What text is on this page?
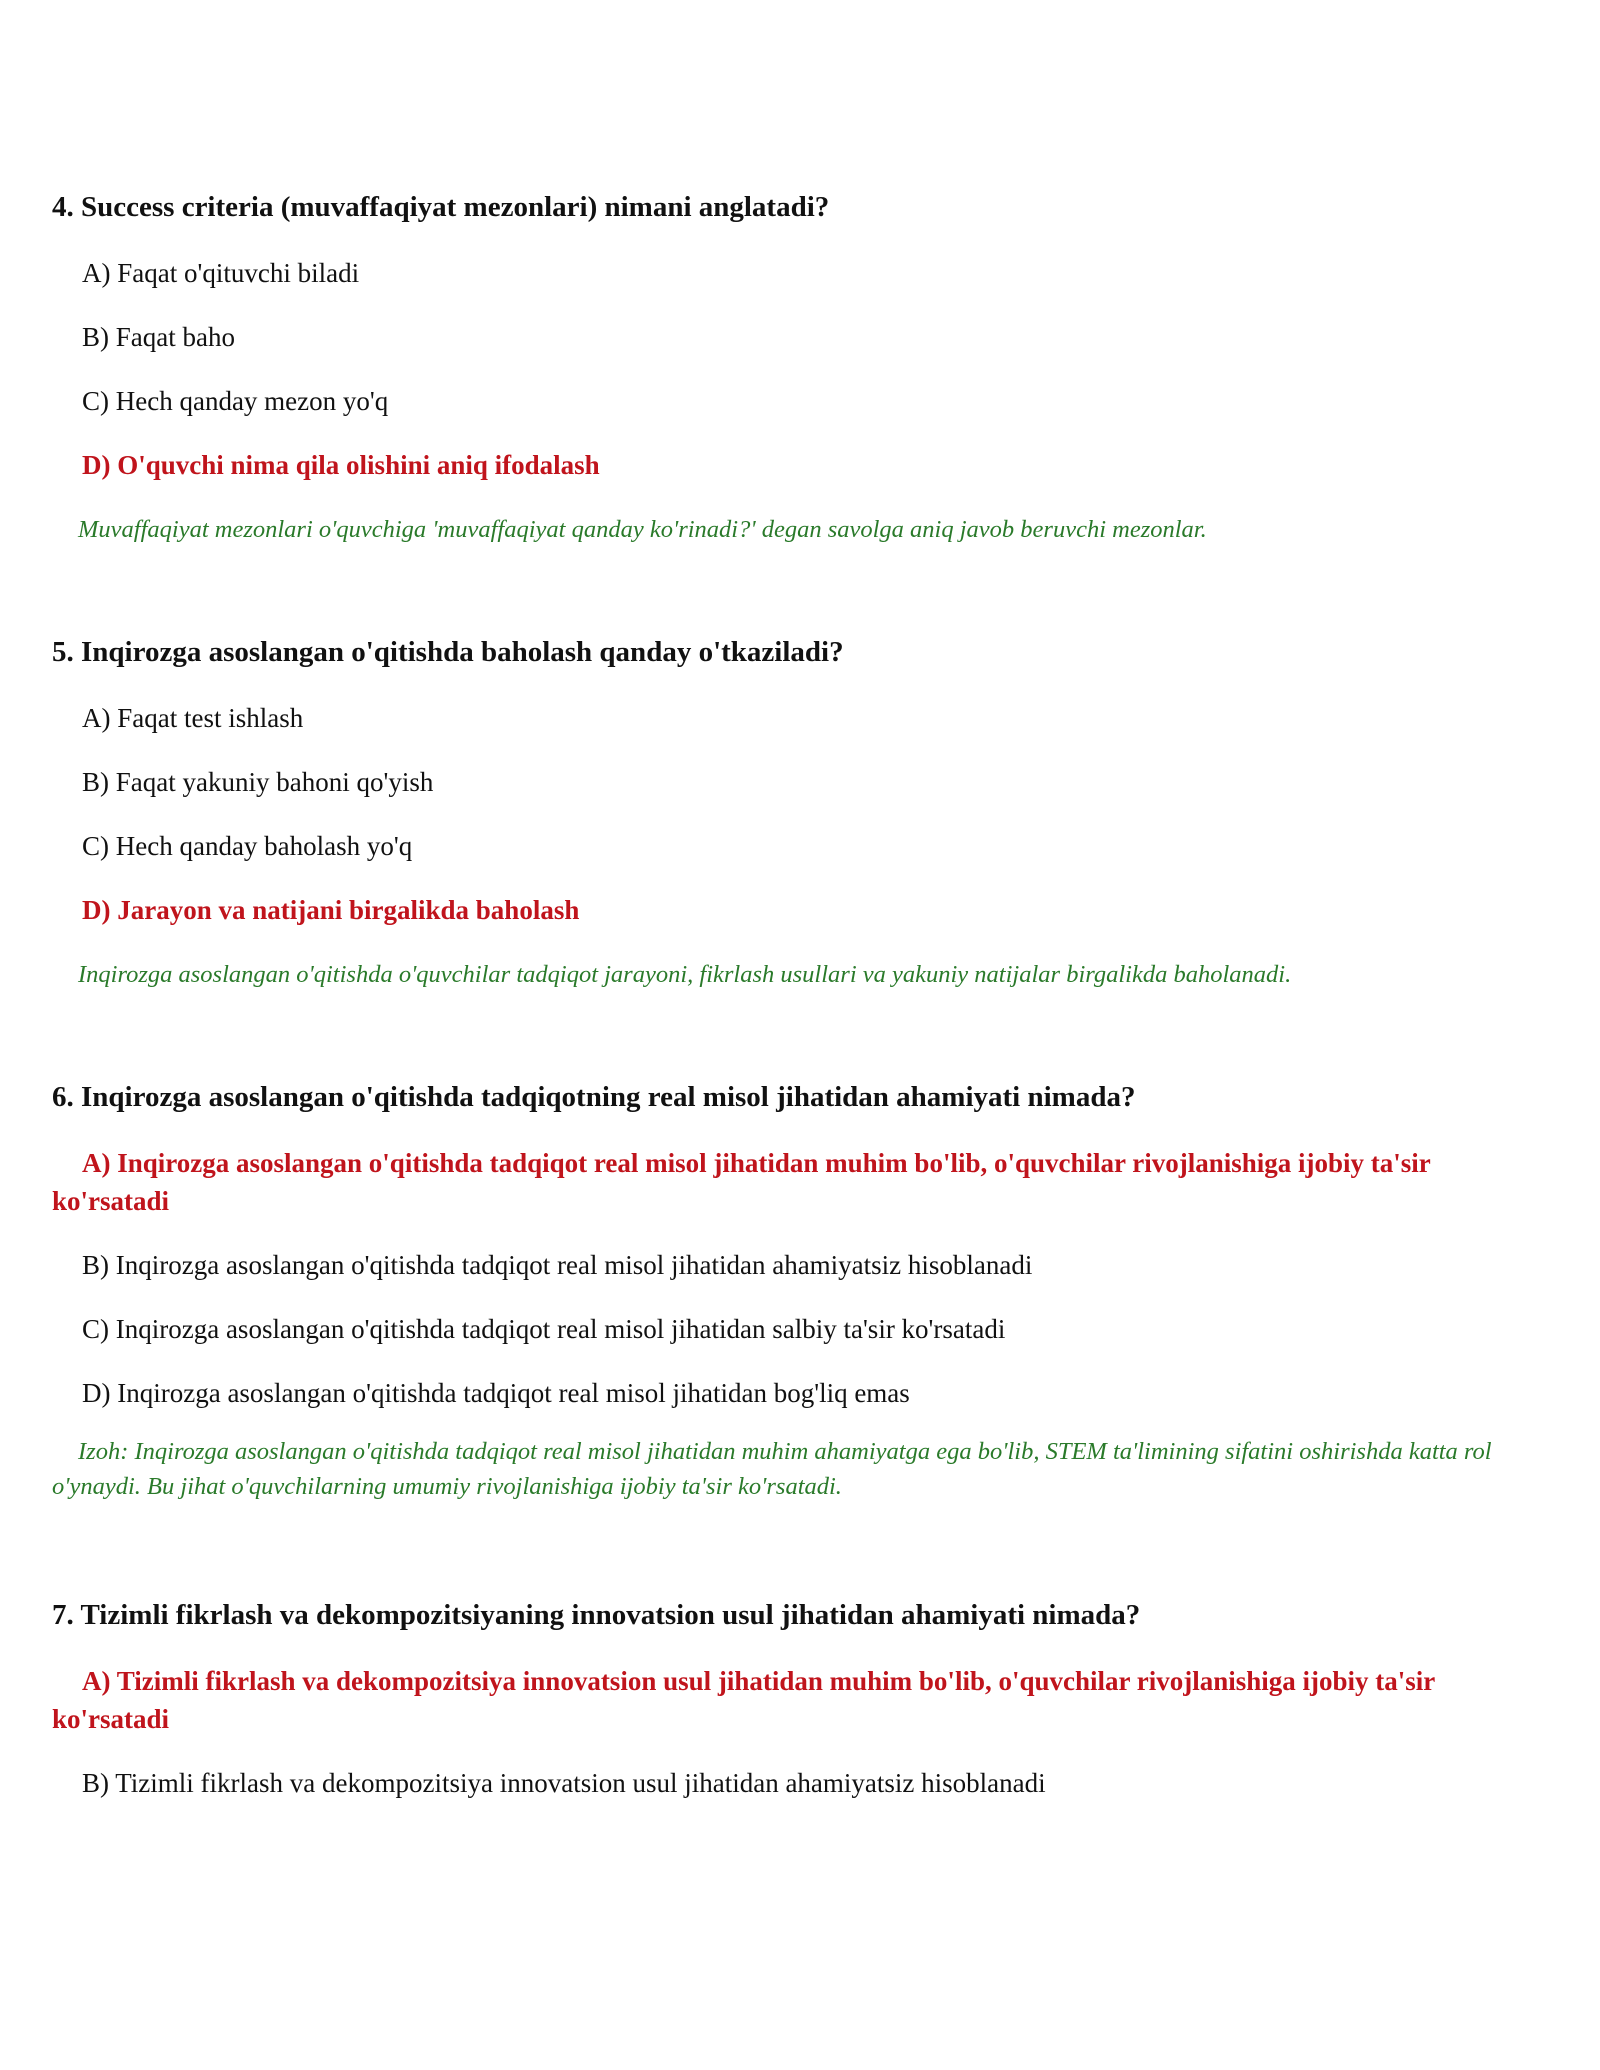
4. Success criteria (muvaffaqiyat mezonlari) nimani anglatadi?
A) Faqat o'qituvchi biladi
B) Faqat baho
C) Hech qanday mezon yo'q
D) O'quvchi nima qila olishini aniq ifodalash
Muvaffaqiyat mezonlari o'quvchiga 'muvaffaqiyat qanday ko'rinadi?' degan savolga aniq javob beruvchi mezonlar.
5. Inqirozga asoslangan o'qitishda baholash qanday o'tkaziladi?
A) Faqat test ishlash
B) Faqat yakuniy bahoni qo'yish
C) Hech qanday baholash yo'q
D) Jarayon va natijani birgalikda baholash
Inqirozga asoslangan o'qitishda o'quvchilar tadqiqot jarayoni, fikrlash usullari va yakuniy natijalar birgalikda baholanadi.
6. Inqirozga asoslangan o'qitishda tadqiqotning real misol jihatidan ahamiyati nimada?
A) Inqirozga asoslangan o'qitishda tadqiqot real misol jihatidan muhim bo'lib, o'quvchilar rivojlanishiga ijobiy ta'sir ko'rsatadi
B) Inqirozga asoslangan o'qitishda tadqiqot real misol jihatidan ahamiyatsiz hisoblanadi
C) Inqirozga asoslangan o'qitishda tadqiqot real misol jihatidan salbiy ta'sir ko'rsatadi
D) Inqirozga asoslangan o'qitishda tadqiqot real misol jihatidan bog'liq emas
Izoh: Inqirozga asoslangan o'qitishda tadqiqot real misol jihatidan muhim ahamiyatga ega bo'lib, STEM ta'limining sifatini oshirishda katta rol o'ynaydi. Bu jihat o'quvchilarning umumiy rivojlanishiga ijobiy ta'sir ko'rsatadi.
7. Tizimli fikrlash va dekompozitsiyaning innovatsion usul jihatidan ahamiyati nimada?
A) Tizimli fikrlash va dekompozitsiya innovatsion usul jihatidan muhim bo'lib, o'quvchilar rivojlanishiga ijobiy ta'sir ko'rsatadi
B) Tizimli fikrlash va dekompozitsiya innovatsion usul jihatidan ahamiyatsiz hisoblanadi
